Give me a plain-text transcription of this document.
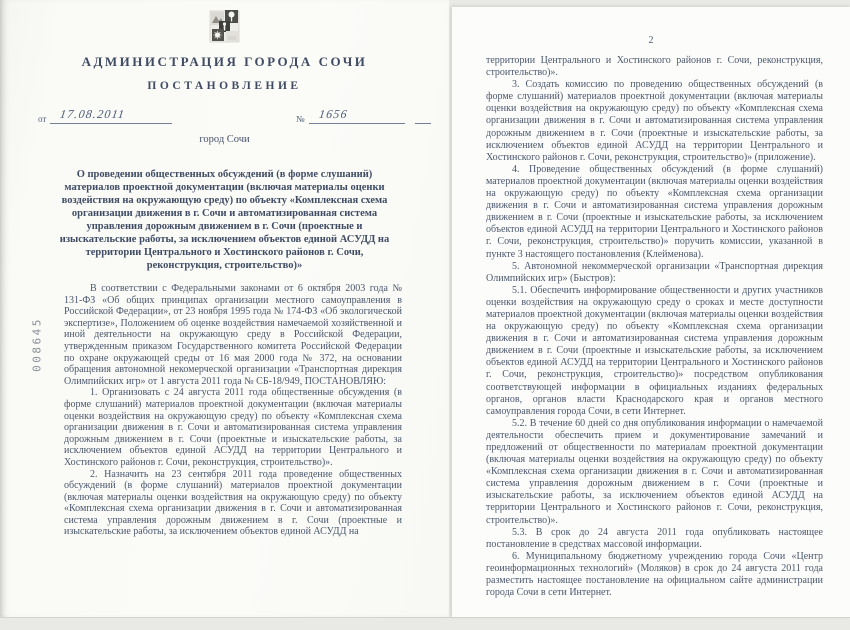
АДМИНИСТРАЦИЯ ГОРОДА СОЧИ
ПОСТАНОВЛЕНИЕ
от 17.08.2011	№ 1656
город Сочи
О проведении общественных обсуждений (в форме слушаний) материалов проектной документации (включая материалы оценки воздействия на окружающую среду) по объекту «Комплексная схема организации движения в г. Сочи и автоматизированная система управления дорожным движением в г. Сочи (проектные и изыскательские работы, за исключением объектов единой АСУДД на территории Центрального и Хостинского районов г. Сочи, реконструкция, строительство)»

В соответствии с Федеральными законами от 6 октября 2003 года № 131-ФЗ «Об общих принципах организации местного самоуправления в Российской Федерации», от 23 ноября 1995 года № 174-ФЗ «Об экологической экспертизе», Положением об оценке воздействия намечаемой хозяйственной и иной деятельности на окружающую среду в Российской Федерации, утвержденным приказом Государственного комитета Российской Федерации по охране окружающей среды от 16 мая 2000 года № 372, на основании обращения автономной некомерческой организации «Транспортная дирекция Олимпийских игр» от 1 августа 2011 года № СБ-18/949, ПОСТАНОВЛЯЮ:

1. Организовать с 24 августа 2011 года общественные обсуждения (в форме слушаний) материалов проектной документации (включая материалы оценки воздействия на окружающую среду) по объекту «Комплексная схема организации движения в г. Сочи и автоматизированная система управления дорожным движением в г. Сочи (проектные и изыскательские работы, за исключением объектов единой АСУДД на территории Центрального и Хостинского районов г. Сочи, реконструкция, строительство)».

2. Назначить на 23 сентября 2011 года проведение общественных обсуждений (в форме слушаний) материалов проектной документации (включая материалы оценки воздействия на окружающую среду) по объекту «Комплексная схема организации движения в г. Сочи и автоматизированная система управления дорожным движением в г. Сочи (проектные и изыскательские работы, за исключением объектов единой АСУДД на

008645
2

территории Центрального и Хостинского районов г. Сочи, реконструкция, строительство)».

3. Создать комиссию по проведению общественных обсуждений (в форме слушаний) материалов проектной документации (включая материалы оценки воздействия на окружающую среду) по объекту «Комплексная схема организации движения в г. Сочи и автоматизированная система управления дорожным движением в г. Сочи (проектные и изыскательские работы, за исключением объектов единой АСУДД на территории Центрального и Хостинского районов г. Сочи, реконструкция, строительство)» (приложение).

4. Проведение общественных обсуждений (в форме слушаний) материалов проектной документации (включая материалы оценки воздействия на окружающую среду) по объекту «Комплексная схема организации движения в г. Сочи и автоматизированная система управления дорожным движением в г. Сочи (проектные и изыскательские работы, за исключением объектов единой АСУДД на территории Центрального и Хостинского районов г. Сочи, реконструкция, строительство)» поручить комиссии, указанной в пункте 3 настоящего постановления (Клейменова).

5. Автономной некоммерческой организации «Транспортная дирекция Олимпийских игр» (Быстров):

5.1. Обеспечить информирование общественности и других участников оценки воздействия на окружающую среду о сроках и месте доступности материалов проектной документации (включая материалы оценки воздействия на окружающую среду) по объекту «Комплексная схема организации движения в г. Сочи и автоматизированная система управления дорожным движением в г. Сочи (проектные и изыскательские работы, за исключением объектов единой АСУДД на территории Центрального и Хостинского районов г. Сочи, реконструкция, строительство)» посредством опубликования соответствующей информации в официальных изданиях федеральных органов, органов власти Краснодарского края и органов местного самоуправления города Сочи, в сети Интернет.

5.2. В течение 60 дней со дня опубликования информации о намечаемой деятельности обеспечить прием и документирование замечаний и предложений от общественности по материалам проектной документации (включая материалы оценки воздействия на окружающую среду) по объекту «Комплексная схема организации движения в г. Сочи и автоматизированная система управления дорожным движением в г. Сочи (проектные и изыскательские работы, за исключением объектов единой АСУДД на территории Центрального и Хостинского районов г. Сочи, реконструкция, строительство)».

5.3. В срок до 24 августа 2011 года опубликовать настоящее постановление в средствах массовой информации.

6. Муниципальному бюджетному учреждению города Сочи «Центр геоинформационных технологий» (Моляков) в срок до 24 августа 2011 года разместить настоящее постановление на официальном сайте администрации города Сочи в сети Интернет.
